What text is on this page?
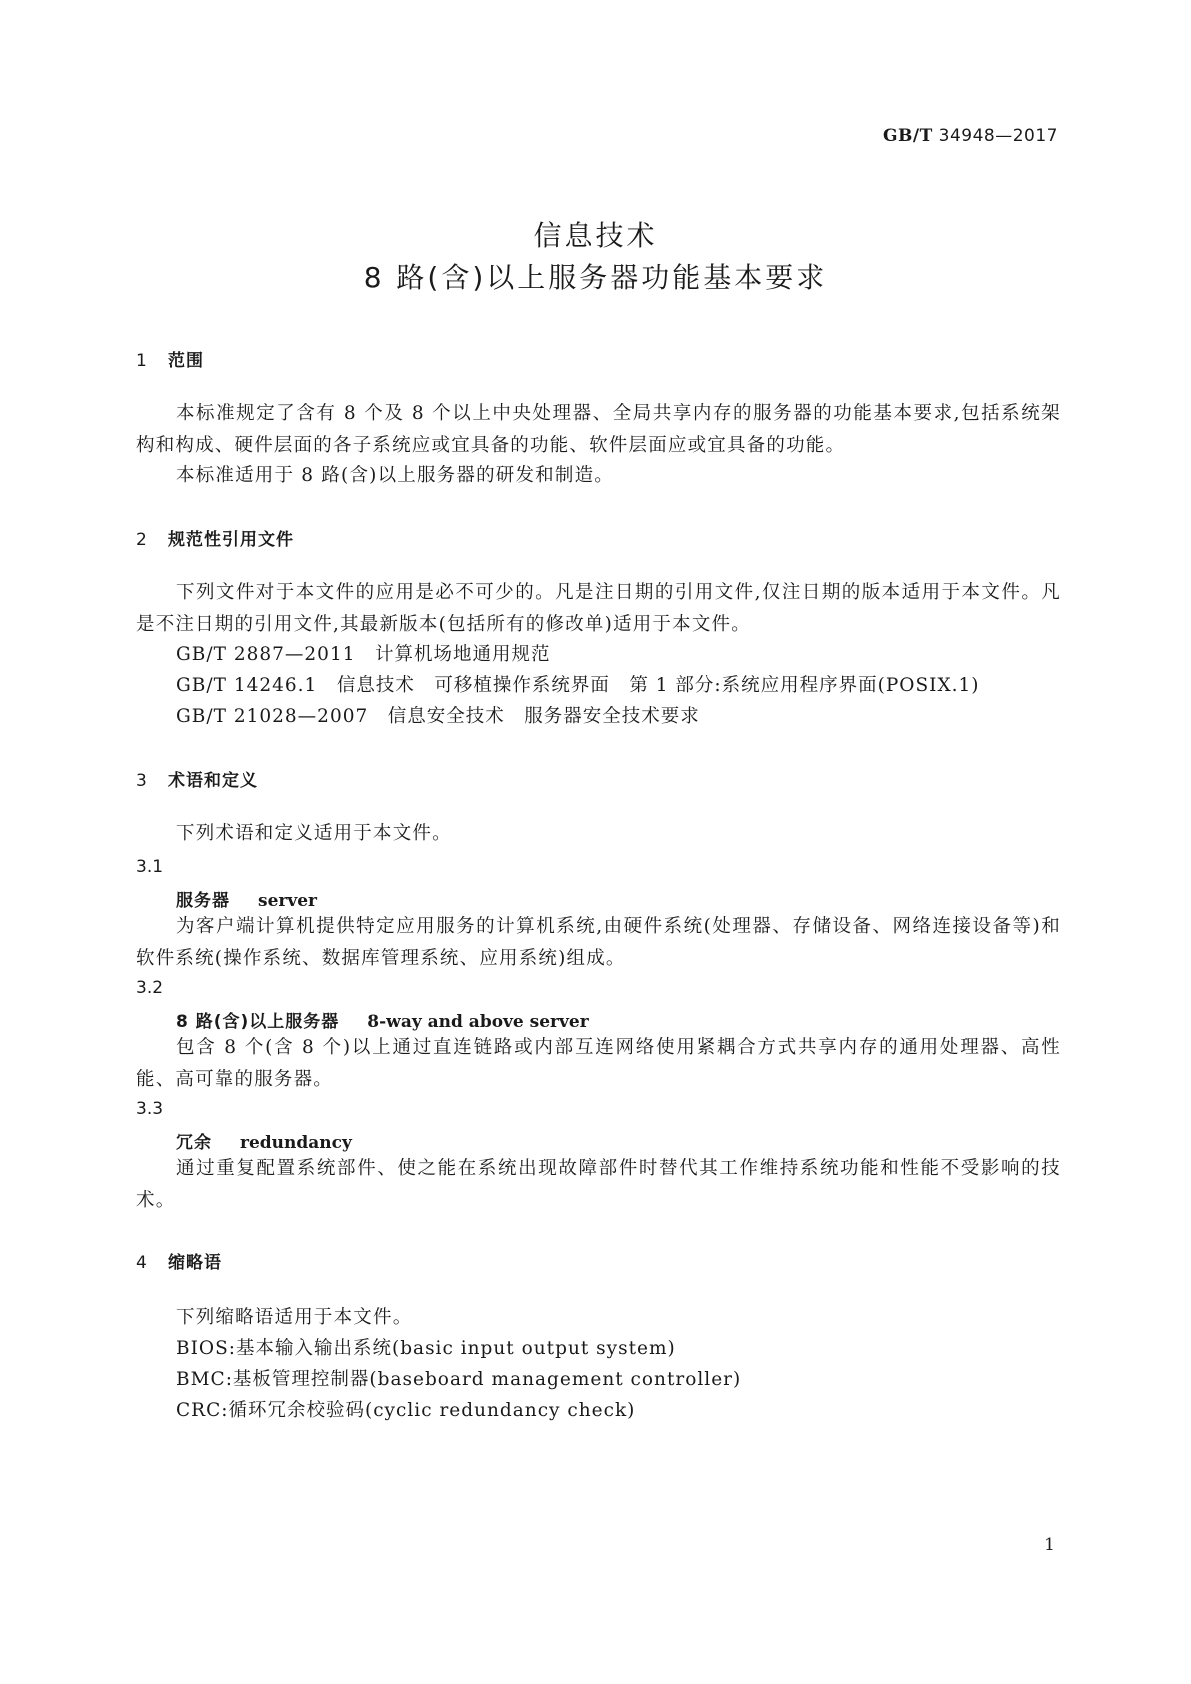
GB/T 34948—2017
信息技术
8 路(含)以上服务器功能基本要求
1 范围

本标准规定了含有 8 个及 8 个以上中央处理器、全局共享内存的服务器的功能基本要求,包括系统架构和构成、硬件层面的各子系统应或宜具备的功能、软件层面应或宜具备的功能。

本标准适用于 8 路(含)以上服务器的研发和制造。

2 规范性引用文件

下列文件对于本文件的应用是必不可少的。凡是注日期的引用文件,仅注日期的版本适用于本文件。凡是不注日期的引用文件,其最新版本(包括所有的修改单)适用于本文件。

GB/T 2887—2011　 计算机场地通用规范
GB/T 14246.1　 信息技术　可移植操作系统界面　第 1 部分:系统应用程序界面(POSIX.1)
GB/T 21028—2007　 信息安全技术　服务器安全技术要求
3 术语和定义

下列术语和定义适用于本文件。

3.1
服务器 server

为客户端计算机提供特定应用服务的计算机系统,由硬件系统(处理器、存储设备、网络连接设备等)和软件系统(操作系统、数据库管理系统、应用系统)组成。

3.2
8 路(含)以上服务器 8-way and above server

包含 8 个(含 8 个)以上通过直连链路或内部互连网络使用紧耦合方式共享内存的通用处理器、高性能、高可靠的服务器。

3.3
冗余 redundancy

通过重复配置系统部件、使之能在系统出现故障部件时替代其工作维持系统功能和性能不受影响的技术。

4 缩略语

下列缩略语适用于本文件。

BIOS:基本输入输出系统(basic input output system)
BMC:基板管理控制器(baseboard management controller)
CRC:循环冗余校验码(cyclic redundancy check)
1
